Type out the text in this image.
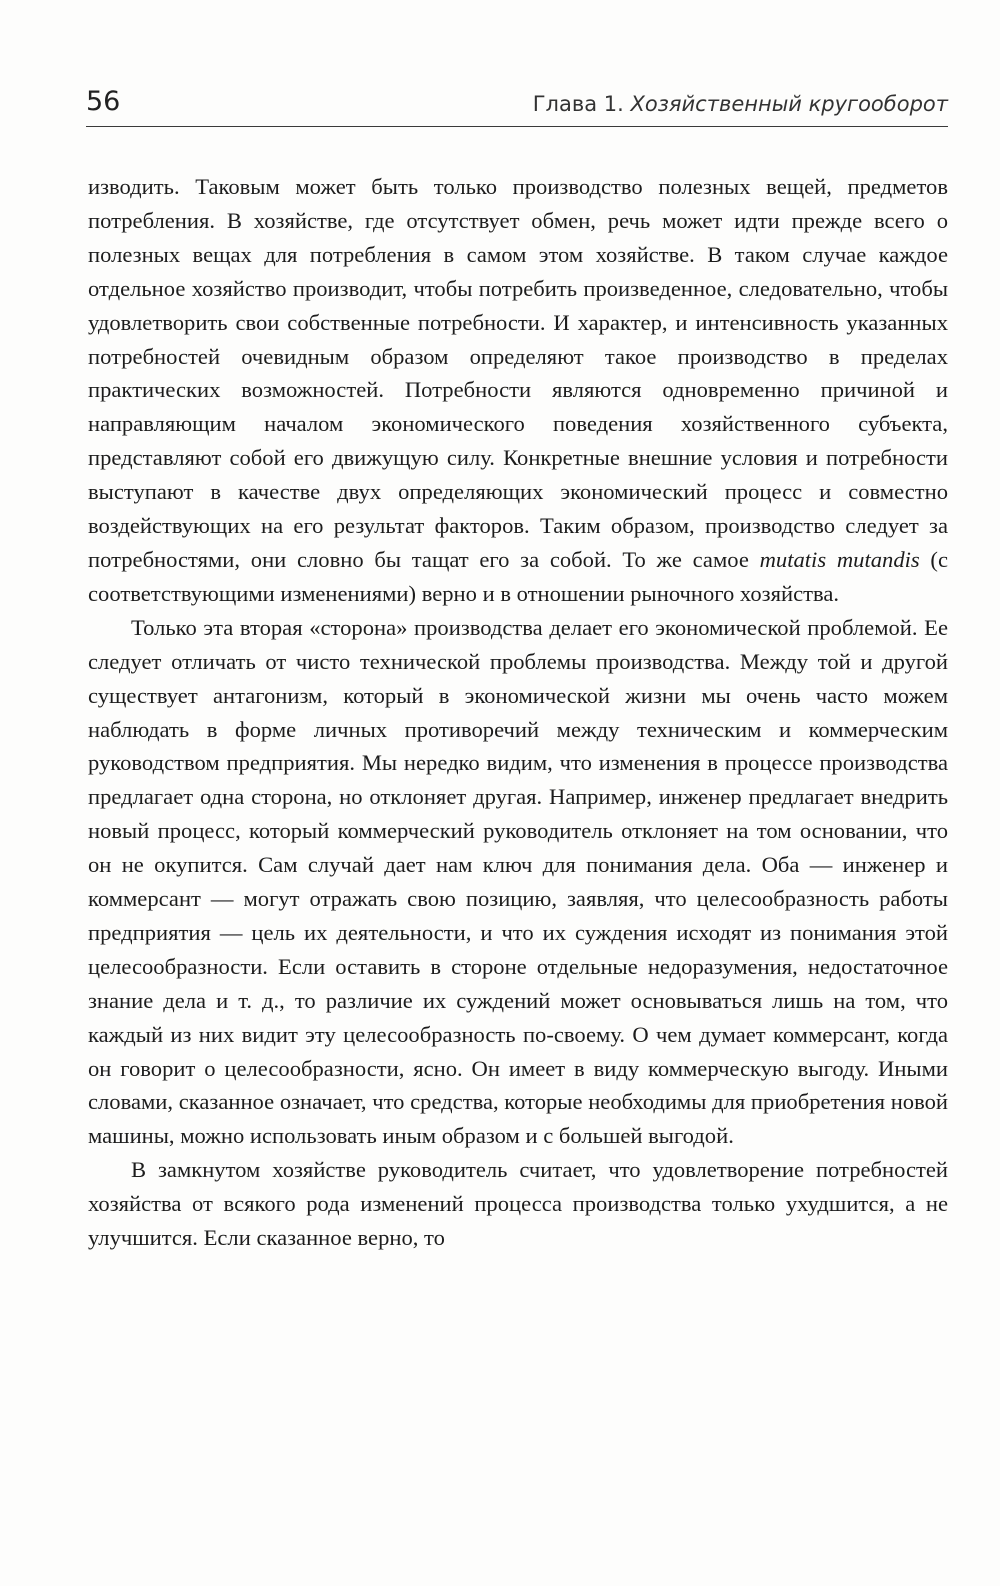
56	Глава 1. Хозяйственный кругооборот

изводить. Таковым может быть только производство полезных вещей, предметов потребления. В хозяйстве, где отсутствует обмен, речь может идти прежде всего о полезных вещах для потребления в самом этом хозяйстве. В таком случае каждое отдельное хозяйство производит, чтобы потребить произведенное, следовательно, чтобы удовлетворить свои собственные потребности. И характер, и интенсивность указанных потребностей очевидным образом определяют такое производство в пределах практических возможностей. Потребности являются одновременно причиной и направляющим началом экономического поведения хозяйственного субъекта, представляют собой его движущую силу. Конкретные внешние условия и потребности выступают в качестве двух определяющих экономический процесс и совместно воздействующих на его результат факторов. Таким образом, производство следует за потребностями, они словно бы тащат его за собой. То же самое mutatis mutandis (с соответствующими изменениями) верно и в отношении рыночного хозяйства.

Только эта вторая «сторона» производства делает его экономической проблемой. Ее следует отличать от чисто технической проблемы производства. Между той и другой существует антагонизм, который в экономической жизни мы очень часто можем наблюдать в форме личных противоречий между техническим и коммерческим руководством предприятия. Мы нередко видим, что изменения в процессе производства предлагает одна сторона, но отклоняет другая. Например, инженер предлагает внедрить новый процесс, который коммерческий руководитель отклоняет на том основании, что он не окупится. Сам случай дает нам ключ для понимания дела. Оба — инженер и коммерсант — могут отражать свою позицию, заявляя, что целесообразность работы предприятия — цель их деятельности, и что их суждения исходят из понимания этой целесообразности. Если оставить в стороне отдельные недоразумения, недостаточное знание дела и т. д., то различие их суждений может основываться лишь на том, что каждый из них видит эту целесообразность по-своему. О чем думает коммерсант, когда он говорит о целесообразности, ясно. Он имеет в виду коммерческую выгоду. Иными словами, сказанное означает, что средства, которые необходимы для приобретения новой машины, можно использовать иным образом и с большей выгодой.

В замкнутом хозяйстве руководитель считает, что удовлетворение потребностей хозяйства от всякого рода изменений процесса производства только ухудшится, а не улучшится. Если сказанное верно, то
